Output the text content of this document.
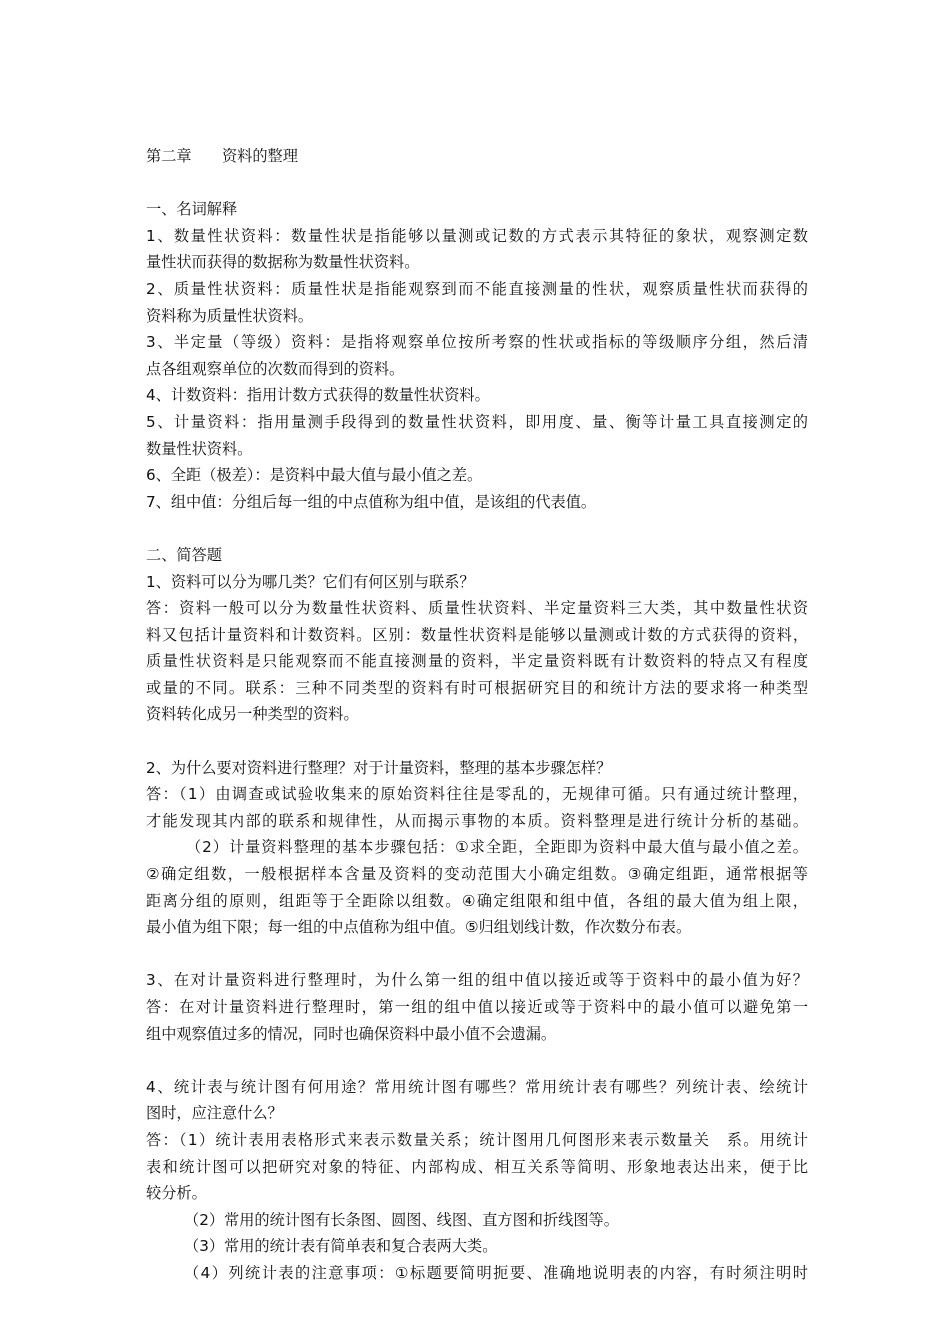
第二章　　资料的整理
一、名词解释
1、数量性状资料：数量性状是指能够以量测或记数的方式表示其特征的象状，观察测定数
量性状而获得的数据称为数量性状资料。
2、质量性状资料：质量性状是指能观察到而不能直接测量的性状，观察质量性状而获得的
资料称为质量性状资料。
3、半定量（等级）资料：是指将观察单位按所考察的性状或指标的等级顺序分组，然后清
点各组观察单位的次数而得到的资料。
4、计数资料：指用计数方式获得的数量性状资料。
5、计量资料：指用量测手段得到的数量性状资料，即用度、量、衡等计量工具直接测定的
数量性状资料。
6、全距（极差）：是资料中最大值与最小值之差。
7、组中值：分组后每一组的中点值称为组中值，是该组的代表值。
二、简答题
1、资料可以分为哪几类？它们有何区别与联系？
答：资料一般可以分为数量性状资料、质量性状资料、半定量资料三大类，其中数量性状资
料又包括计量资料和计数资料。区别：数量性状资料是能够以量测或计数的方式获得的资料，
质量性状资料是只能观察而不能直接测量的资料，半定量资料既有计数资料的特点又有程度
或量的不同。联系：三种不同类型的资料有时可根据研究目的和统计方法的要求将一种类型
资料转化成另一种类型的资料。
2、为什么要对资料进行整理？对于计量资料，整理的基本步骤怎样？
答：（1）由调查或试验收集来的原始资料往往是零乱的，无规律可循。只有通过统计整理，
才能发现其内部的联系和规律性，从而揭示事物的本质。资料整理是进行统计分析的基础。
（2）计量资料整理的基本步骤包括：①求全距，全距即为资料中最大值与最小值之差。
②确定组数，一般根据样本含量及资料的变动范围大小确定组数。③确定组距，通常根据等
距离分组的原则，组距等于全距除以组数。④确定组限和组中值，各组的最大值为组上限，
最小值为组下限；每一组的中点值称为组中值。⑤归组划线计数，作次数分布表。
3、在对计量资料进行整理时，为什么第一组的组中值以接近或等于资料中的最小值为好？
答：在对计量资料进行整理时，第一组的组中值以接近或等于资料中的最小值可以避免第一
组中观察值过多的情况，同时也确保资料中最小值不会遗漏。
4、统计表与统计图有何用途？常用统计图有哪些？常用统计表有哪些？列统计表、绘统计
图时，应注意什么？
答：（1）统计表用表格形式来表示数量关系；统计图用几何图形来表示数量关　系。用统计
表和统计图可以把研究对象的特征、内部构成、相互关系等简明、形象地表达出来，便于比
较分析。
（2）常用的统计图有长条图、圆图、线图、直方图和折线图等。
（3）常用的统计表有简单表和复合表两大类。
（4）列统计表的注意事项：①标题要简明扼要、准确地说明表的内容，有时须注明时
